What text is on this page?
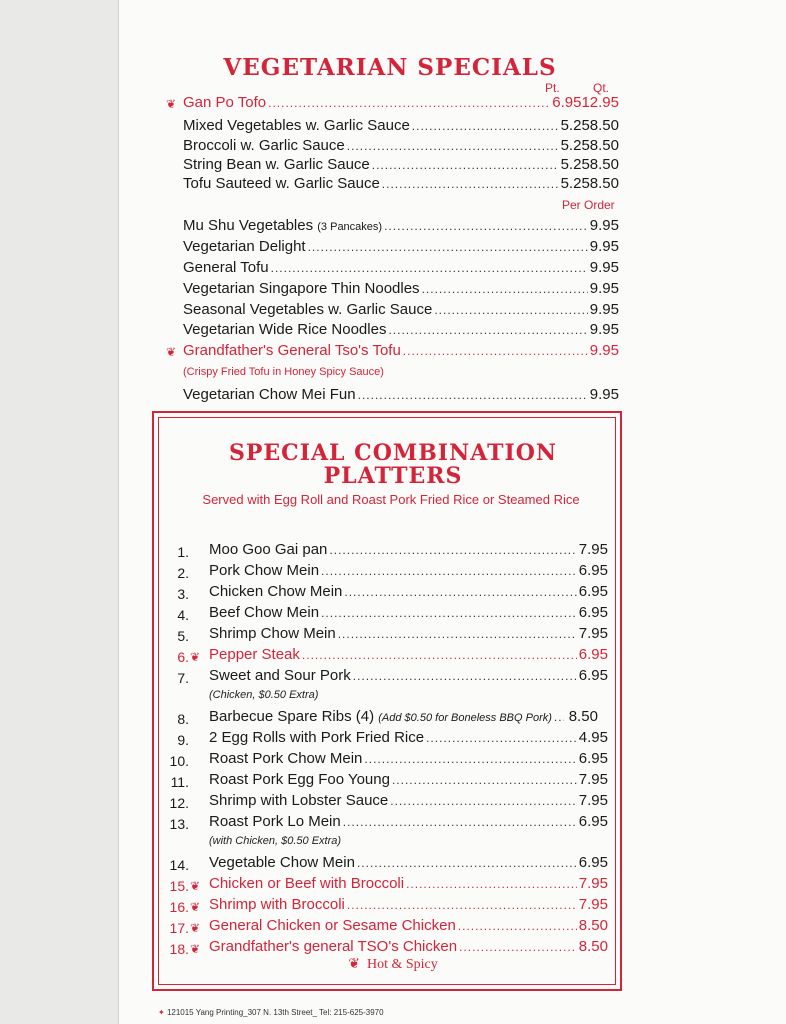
VEGETARIAN SPECIALS
Pt.	Qt.
❦ Gan Po Tofo .....	6.95 12.95
Mixed Vegetables w. Garlic Sauce .....	5.25 8.50
Broccoli w. Garlic Sauce .....	5.25 8.50
String Bean w. Garlic Sauce .....	5.25 8.50
Tofu Sauteed w. Garlic Sauce .....	5.25 8.50
Per Order
Mu Shu Vegetables
(3 Pancakes) .....	9.95
Vegetarian Delight .....	9.95
General Tofu .....	9.95
Vegetarian Singapore Thin Noodles .....	9.95
Seasonal Vegetables w. Garlic Sauce .....	9.95
Vegetarian Wide Rice Noodles .....	9.95
❦ Grandfather's General Tso's Tofu .....	9.95
(Crispy Fried Tofu in Honey Spicy Sauce)
Vegetarian Chow Mei Fun .....	9.95
SPECIAL COMBINATION
PLATTERS
Served with Egg Roll and Roast Pork Fried Rice or Steamed Rice
1. Moo Goo Gai pan .....	7.95
2. Pork Chow Mein .....	6.95
3. Chicken Chow Mein .....	6.95
4. Beef Chow Mein .....	6.95
5. Shrimp Chow Mein .....	7.95
6. ❦ Pepper Steak .....	6.95
7. Sweet and Sour Pork .....	6.95
(Chicken, $0.50 Extra)
8. Barbecue Spare Ribs (4)
(Add $0.50 for Boneless BBQ Pork) ..... 8.50
9. 2 Egg Rolls with Pork Fried Rice .....	4.95
10. Roast Pork Chow Mein .....	6.95
11. Roast Pork Egg Foo Young .....	7.95
12. Shrimp with Lobster Sauce .....	7.95
13. Roast Pork Lo Mein .....	6.95
(with Chicken, $0.50 Extra)
14. Vegetable Chow Mein .....	6.95
15. ❦ Chicken or Beef with Broccoli .....	7.95
16. ❦ Shrimp with Broccoli .....	7.95
17. ❦ General Chicken or Sesame Chicken .....	8.50
18. ❦ Grandfather's general TSO's Chicken .....	8.50
❦ Hot & Spicy
✦ 121015 Yang Printing_307 N. 13th Street_ Tel: 215-625-3970
